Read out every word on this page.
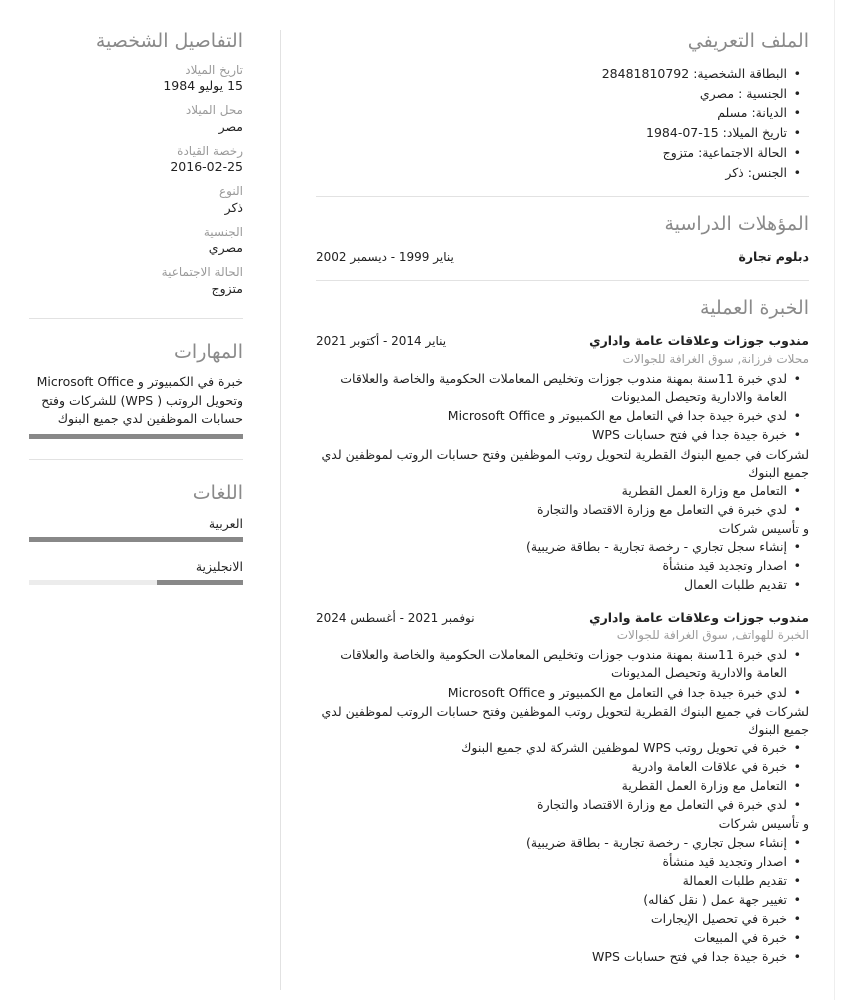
الملف التعريفي
• البطاقة الشخصية: 28481810792
• الجنسية : مصري
• الديانة: مسلم
• تاريخ الميلاد: 15-07-1984
• الحالة الاجتماعية: متزوج
• الجنس: ذكر
المؤهلات الدراسية
دبلوم تجارة
يناير 1999 - ديسمبر 2002
الخبرة العملية
مندوب جوزات وعلاقات عامة واداري
يناير 2014 - أكتوبر 2021
محلات فرزانة, سوق الغرافة للجوالات
• لدي خبرة 11سنة بمهنة مندوب جوزات وتخليص المعاملات الحكومية والخاصة والعلاقات العامة والادارية وتحيصل المديونات
• لدي خبرة جيدة جدا في التعامل مع الكمبيوتر و Microsoft Office
• خبرة جيدة جدا في فتح حسابات WPS
لشركات في جميع البنوك القطرية لتحويل روتب الموظفين وفتح حسابات الروتب لموظفين لدي جميع البنوك
• التعامل مع وزارة العمل القطرية
• لدي خبرة في التعامل مع وزارة الاقتصاد والتجارة
و تأسيس شركات
• إنشاء سجل تجاري - رخصة تجارية - بطاقة ضريبية)
• اصدار وتجديد قيد منشأة
• تقديم طلبات العمال
مندوب جوزات وعلاقات عامة واداري
نوفمبر 2021 - أغسطس 2024
الخبرة للهواتف, سوق الغرافة للجوالات
• لدي خبرة 11سنة بمهنة مندوب جوزات وتخليص المعاملات الحكومية والخاصة والعلاقات العامة والادارية وتحيصل المديونات
• لدي خبرة جيدة جدا في التعامل مع الكمبيوتر و Microsoft Office
لشركات في جميع البنوك القطرية لتحويل روتب الموظفين وفتح حسابات الروتب لموظفين لدي جميع البنوك
• خبرة في تحويل روتب WPS لموظفين الشركة لدي جميع البنوك
• خبرة في علاقات العامة وادرية
• التعامل مع وزارة العمل القطرية
• لدي خبرة في التعامل مع وزارة الاقتصاد والتجارة
و تأسيس شركات
• إنشاء سجل تجاري - رخصة تجارية - بطاقة ضريبية)
• اصدار وتجديد قيد منشأة
• تقديم طلبات العمالة
• تغيير جهة عمل ( نقل كفاله)
• خبرة في تحصيل الإيجارات
• خبرة في المبيعات
• خبرة جيدة جدا في فتح حسابات WPS
التفاصيل الشخصية
تاريخ الميلاد
15 يوليو 1984
محل الميلاد
مصر
رخصة القيادة
2016-02-25
النوع
ذكر
الجنسية
مصري
الحالة الاجتماعية
متزوج
المهارات
خبرة في الكمبيوتر و Microsoft Office وتحويل الروتب ( WPS) للشركات وفتح حسابات الموظفين لدي جميع البنوك
اللغات
العربية
الانجليزية
